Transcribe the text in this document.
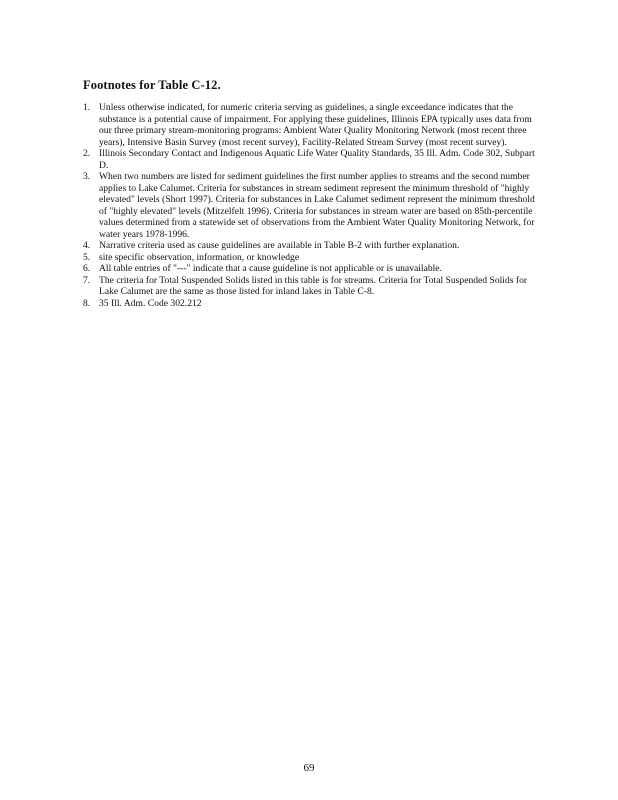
Footnotes for Table C-12.
1. Unless otherwise indicated, for numeric criteria serving as guidelines, a single exceedance indicates that the substance is a potential cause of impairment. For applying these guidelines, Illinois EPA typically uses data from our three primary stream-monitoring programs: Ambient Water Quality Monitoring Network (most recent three years), Intensive Basin Survey (most recent survey), Facility-Related Stream Survey (most recent survey).
2. Illinois Secondary Contact and Indigenous Aquatic Life Water Quality Standards, 35 Ill. Adm. Code 302, Subpart D.
3. When two numbers are listed for sediment guidelines the first number applies to streams and the second number applies to Lake Calumet. Criteria for substances in stream sediment represent the minimum threshold of "highly elevated" levels (Short 1997). Criteria for substances in Lake Calumet sediment represent the minimum threshold of "highly elevated" levels (Mitzelfelt 1996). Criteria for substances in stream water are based on 85th-percentile values determined from a statewide set of observations from the Ambient Water Quality Monitoring Network, for water years 1978-1996.
4. Narrative criteria used as cause guidelines are available in Table B-2 with further explanation.
5. site specific observation, information, or knowledge
6. All table entries of "---" indicate that a cause guideline is not applicable or is unavailable.
7. The criteria for Total Suspended Solids listed in this table is for streams. Criteria for Total Suspended Solids for Lake Calumet are the same as those listed for inland lakes in Table C-8.
8. 35 Ill. Adm. Code 302.212
69
